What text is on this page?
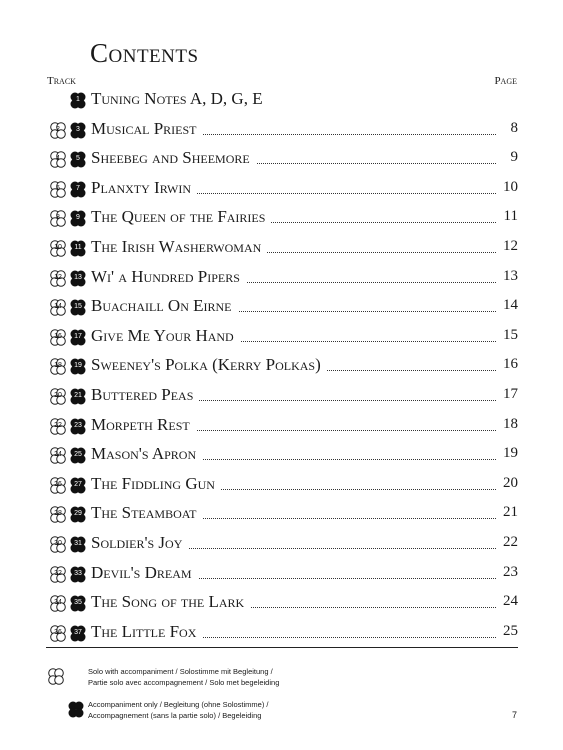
Contents
Track	Page
1 Tuning Notes A, D, G, E
2	3 Musical Priest	8
4	5 Sheebeg and Sheemore	9
6	7 Planxty Irwin	10
8	9 The Queen of the Fairies	11
10	11 The Irish Washerwoman	12
12	13 Wi' a Hundred Pipers	13
14	15 Buachaill On Eirne	14
16	17 Give Me Your Hand	15
18	19 Sweeney's Polka (Kerry Polkas)	16
20	21 Buttered Peas	17
22	23 Morpeth Rest	18
24	25 Mason's Apron	19
26	27 The Fiddling Gun	20
28	29 The Steamboat	21
30	31 Soldier's Joy	22
32	33 Devil's Dream	23
34	35 The Song of the Lark	24
36	37 The Little Fox	25
Solo with accompaniment / Solostimme mit Begleitung /
Partie solo avec accompagnement / Solo met begeleiding
Accompaniment only / Begleitung (ohne Solostimme) /
Accompagnement (sans la partie solo) / Begeleiding	7
